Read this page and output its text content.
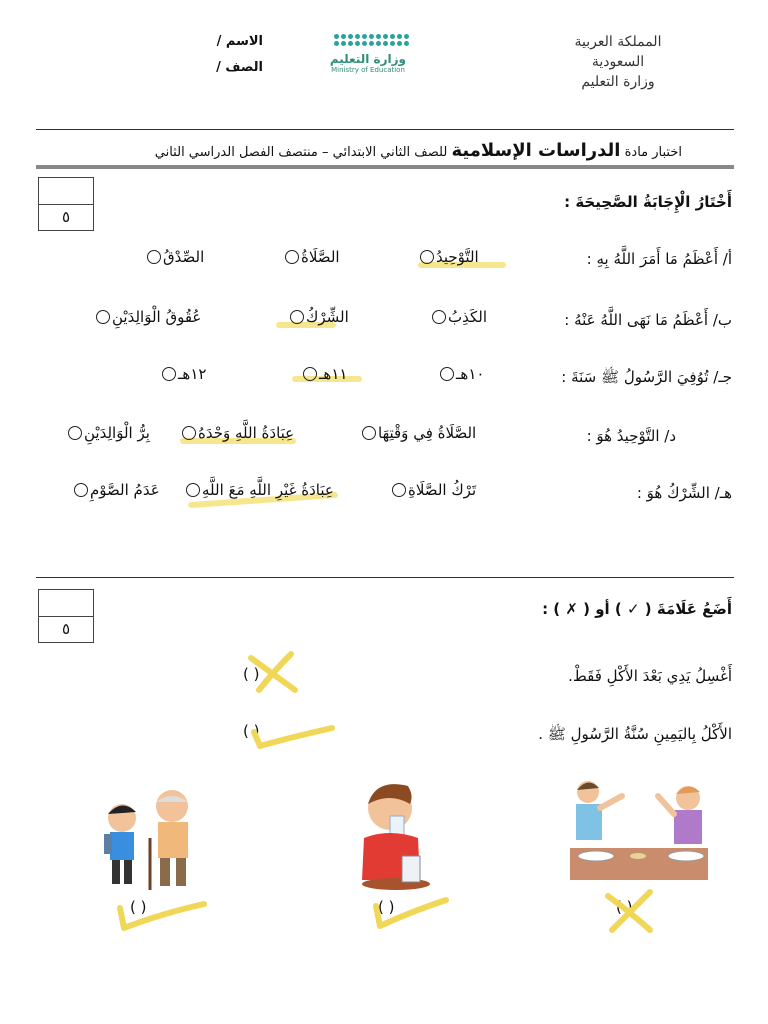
المملكة العربية السعودية
وزارة التعليم
وزارة التعليم
Ministry of Education
الاسم /
الصف /
اختبار مادة الدراسات الإسلامية للصف الثاني الابتدائي – منتصف الفصل الدراسي الثاني
٥
أَخْتَارُ الْإِجَابَةُ الصَّحِيحَةَ :
أ/ أَعْظَمُ مَا أَمَرَ اللَّهُ بِهِ :
التَّوْحِيدُ
الصَّلَاةُ
الصِّدْقُ
ب/ أَعْظَمُ مَا نَهَى اللَّهُ عَنْهُ :
الكَذِبُ
الشِّرْكُ
عُقُوقُ الْوَالِدَيْنِ
جـ/ تُوُفِيَ الرَّسُولُ ﷺ سَنَةَ :
١٠هـ
١١هـ
١٢هـ
د/ التَّوْحِيدُ هُوَ :
الصَّلَاةُ فِي وَقْتِهَا
عِبَادَةُ اللَّهِ وَحْدَهُ
بِرُّ الْوَالِدَيْنِ
هـ/ الشِّرْكُ هُوَ :
تَرْكُ الصَّلَاةِ
عِبَادَةُ غَيْرِ اللَّهِ مَعَ اللَّهِ
عَدَمُ الصَّوْمِ
٥
أَضَعُ عَلَامَةَ ( ✓ ) أو ( ✗ ) :
أَغْسِلُ يَدِي بَعْدَ الأَكْلِ فَقَطْ.
( )
الأَكْلُ بِاليَمِينِ سُنَّةُ الرَّسُولِ ﷺ .
( )
( )
( )
( )
